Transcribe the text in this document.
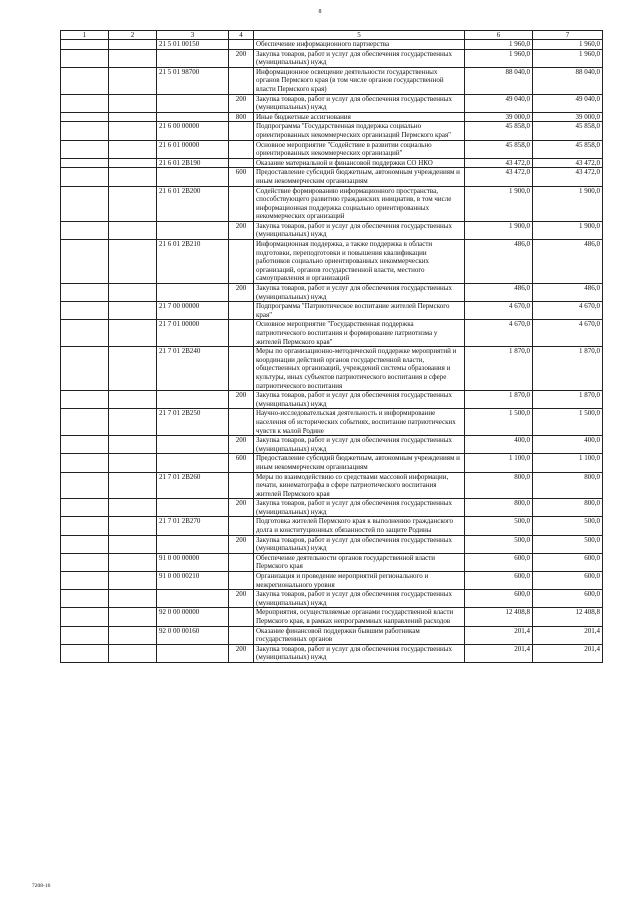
8
1	2	3	4	5	6	7
		21 5 01 00150		Обеспечение информационного партнерства	1 960,0	1 960,0
			200	Закупка товаров, работ и услуг для обеспечения государственных (муниципальных) нужд	1 960,0	1 960,0
		21 5 01 98700		Информационное освещение деятельности государственных органов Пермского края (в том числе органов государственной власти Пермского края)	88 040,0	88 040,0
			200	Закупка товаров, работ и услуг для обеспечения государственных (муниципальных) нужд	49 040,0	49 040,0
			800	Иные бюджетные ассигнования	39 000,0	39 000,0
		21 6 00 00000		Подпрограмма "Государственная поддержка социально ориентированных некоммерческих организаций Пермского края"	45 858,0	45 858,0
		21 6 01 00000		Основное мероприятие "Содействие в развитии социально ориентированных некоммерческих организаций"	45 858,0	45 858,0
		21 6 01 2В190		Оказание материальной и финансовой поддержки СО НКО	43 472,0	43 472,0
			600	Предоставление субсидий бюджетным, автономным учреждениям и иным некоммерческим организациям	43 472,0	43 472,0
		21 6 01 2В200		Содействие формированию информационного пространства, способствующего развитию гражданских инициатив, в том числе информационная поддержка социально ориентированных некоммерческих организаций	1 900,0	1 900,0
			200	Закупка товаров, работ и услуг для обеспечения государственных (муниципальных) нужд	1 900,0	1 900,0
		21 6 01 2В210		Информационная поддержка, а также поддержка в области подготовки, переподготовки и повышения квалификации работников социально ориентированных некоммерческих организаций, органов государственной власти, местного самоуправления и организаций	486,0	486,0
			200	Закупка товаров, работ и услуг для обеспечения государственных (муниципальных) нужд	486,0	486,0
		21 7 00 00000		Подпрограмма "Патриотическое воспитание жителей Пермского края"	4 670,0	4 670,0
		21 7 01 00000		Основное мероприятие "Государственная поддержка патриотического воспитания и формирование патриотизма у жителей Пермского края"	4 670,0	4 670,0
		21 7 01 2В240		Меры по организационно-методической поддержке мероприятий и координации действий органов государственной власти, общественных организаций, учреждений системы образования и культуры, иных субъектов патриотического воспитания в сфере патриотического воспитания	1 870,0	1 870,0
			200	Закупка товаров, работ и услуг для обеспечения государственных (муниципальных) нужд	1 870,0	1 870,0
		21 7 01 2В250		Научно-исследовательская деятельность и информирование населения об исторических событиях, воспитание патриотических чувств к малой Родине	1 500,0	1 500,0
			200	Закупка товаров, работ и услуг для обеспечения государственных (муниципальных) нужд	400,0	400,0
			600	Предоставление субсидий бюджетным, автономным учреждениям и иным некоммерческим организациям	1 100,0	1 100,0
		21 7 01 2В260		Меры по взаимодействию со средствами массовой информации, печати, кинематографа в сфере патриотического воспитания жителей Пермского края	800,0	800,0
			200	Закупка товаров, работ и услуг для обеспечения государственных (муниципальных) нужд	800,0	800,0
		21 7 01 2В270		Подготовка жителей Пермского края к выполнению гражданского долга и конституционных обязанностей по защите Родины	500,0	500,0
			200	Закупка товаров, работ и услуг для обеспечения государственных (муниципальных) нужд	500,0	500,0
		91 0 00 00000		Обеспечение деятельности органов государственной власти Пермского края	600,0	600,0
		91 0 00 00210		Организация и проведение мероприятий регионального и межрегионального уровня	600,0	600,0
			200	Закупка товаров, работ и услуг для обеспечения государственных (муниципальных) нужд	600,0	600,0
		92 0 00 00000		Мероприятия, осуществляемые органами государственной власти Пермского края, в рамках непрограммных направлений расходов	12 408,8	12 408,8
		92 0 00 00160		Оказание финансовой поддержки бывшим работникам государственных органов	201,4	201,4
			200	Закупка товаров, работ и услуг для обеспечения государственных (муниципальных) нужд	201,4	201,4
7208-16
